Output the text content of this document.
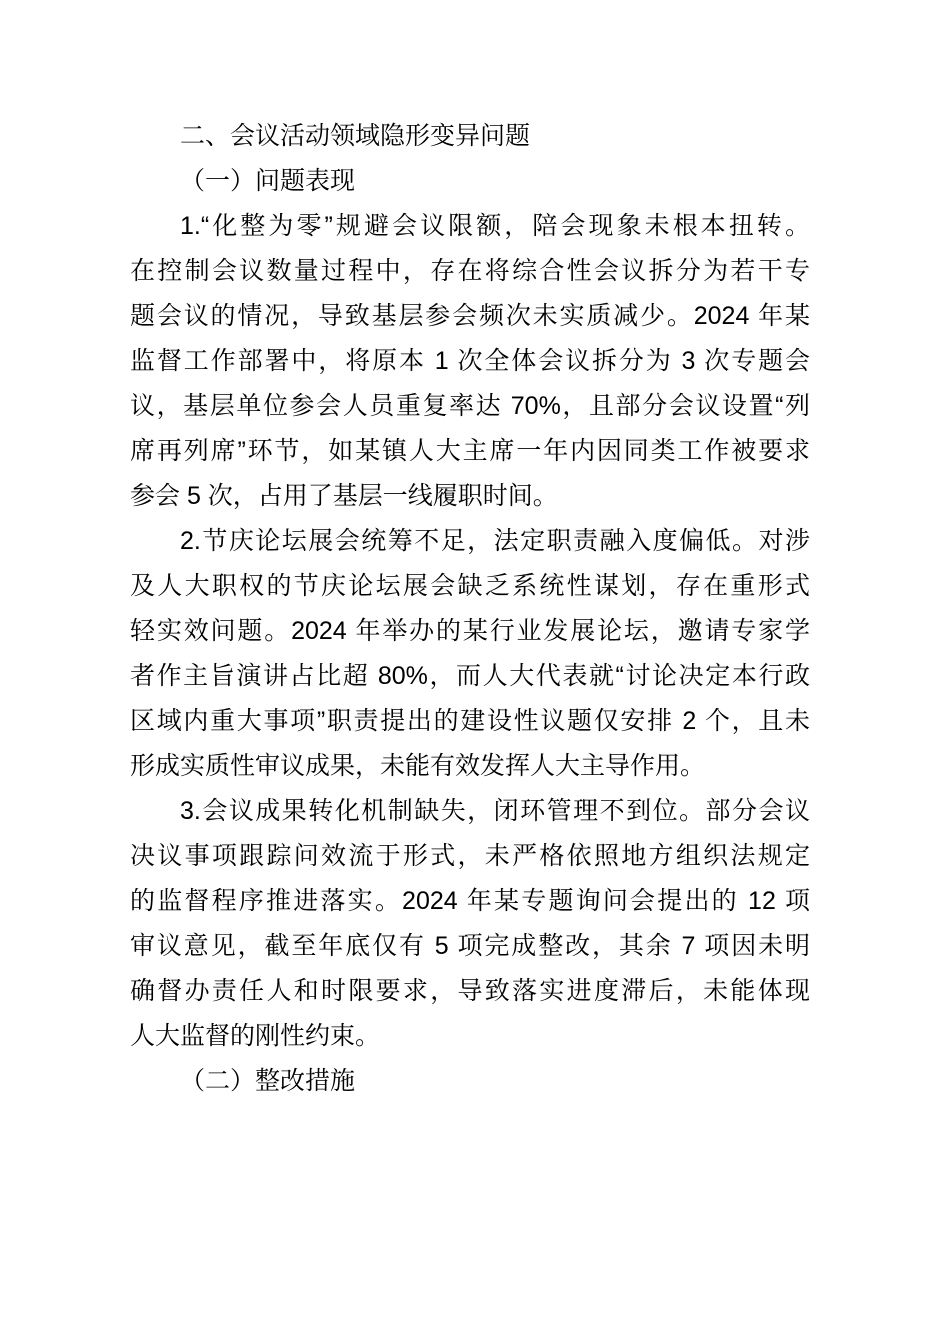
二、会议活动领域隐形变异问题
（一）问题表现
1.“化整为零”规避会议限额，陪会现象未根本扭转。
在控制会议数量过程中，存在将综合性会议拆分为若干专
题会议的情况，导致基层参会频次未实质减少。2024 年某
监督工作部署中，将原本 1 次全体会议拆分为 3 次专题会
议，基层单位参会人员重复率达 70%，且部分会议设置“列
席再列席”环节，如某镇人大主席一年内因同类工作被要求
参会 5 次，占用了基层一线履职时间。
2.节庆论坛展会统筹不足，法定职责融入度偏低。对涉
及人大职权的节庆论坛展会缺乏系统性谋划，存在重形式
轻实效问题。2024 年举办的某行业发展论坛，邀请专家学
者作主旨演讲占比超 80%，而人大代表就“讨论决定本行政
区域内重大事项”职责提出的建设性议题仅安排 2 个，且未
形成实质性审议成果，未能有效发挥人大主导作用。
3.会议成果转化机制缺失，闭环管理不到位。部分会议
决议事项跟踪问效流于形式，未严格依照地方组织法规定
的监督程序推进落实。2024 年某专题询问会提出的 12 项
审议意见，截至年底仅有 5 项完成整改，其余 7 项因未明
确督办责任人和时限要求，导致落实进度滞后，未能体现
人大监督的刚性约束。
（二）整改措施
